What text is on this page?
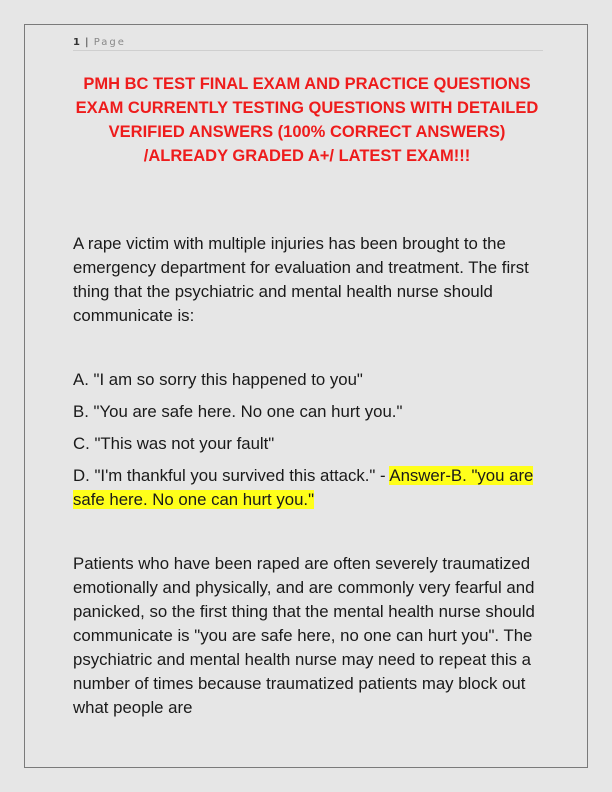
1 | Page
PMH BC TEST FINAL EXAM AND PRACTICE QUESTIONS EXAM CURRENTLY TESTING QUESTIONS WITH DETAILED VERIFIED ANSWERS (100% CORRECT ANSWERS) /ALREADY GRADED A+/ LATEST EXAM!!!
A rape victim with multiple injuries has been brought to the emergency department for evaluation and treatment. The first thing that the psychiatric and mental health nurse should communicate is:
A. "I am so sorry this happened to you"
B. "You are safe here. No one can hurt you."
C. "This was not your fault"
D. "I'm thankful you survived this attack." - Answer-B. "you are safe here. No one can hurt you."
Patients who have been raped are often severely traumatized emotionally and physically, and are commonly very fearful and panicked, so the first thing that the mental health nurse should communicate is "you are safe here, no one can hurt you". The psychiatric and mental health nurse may need to repeat this a number of times because traumatized patients may block out what people are
